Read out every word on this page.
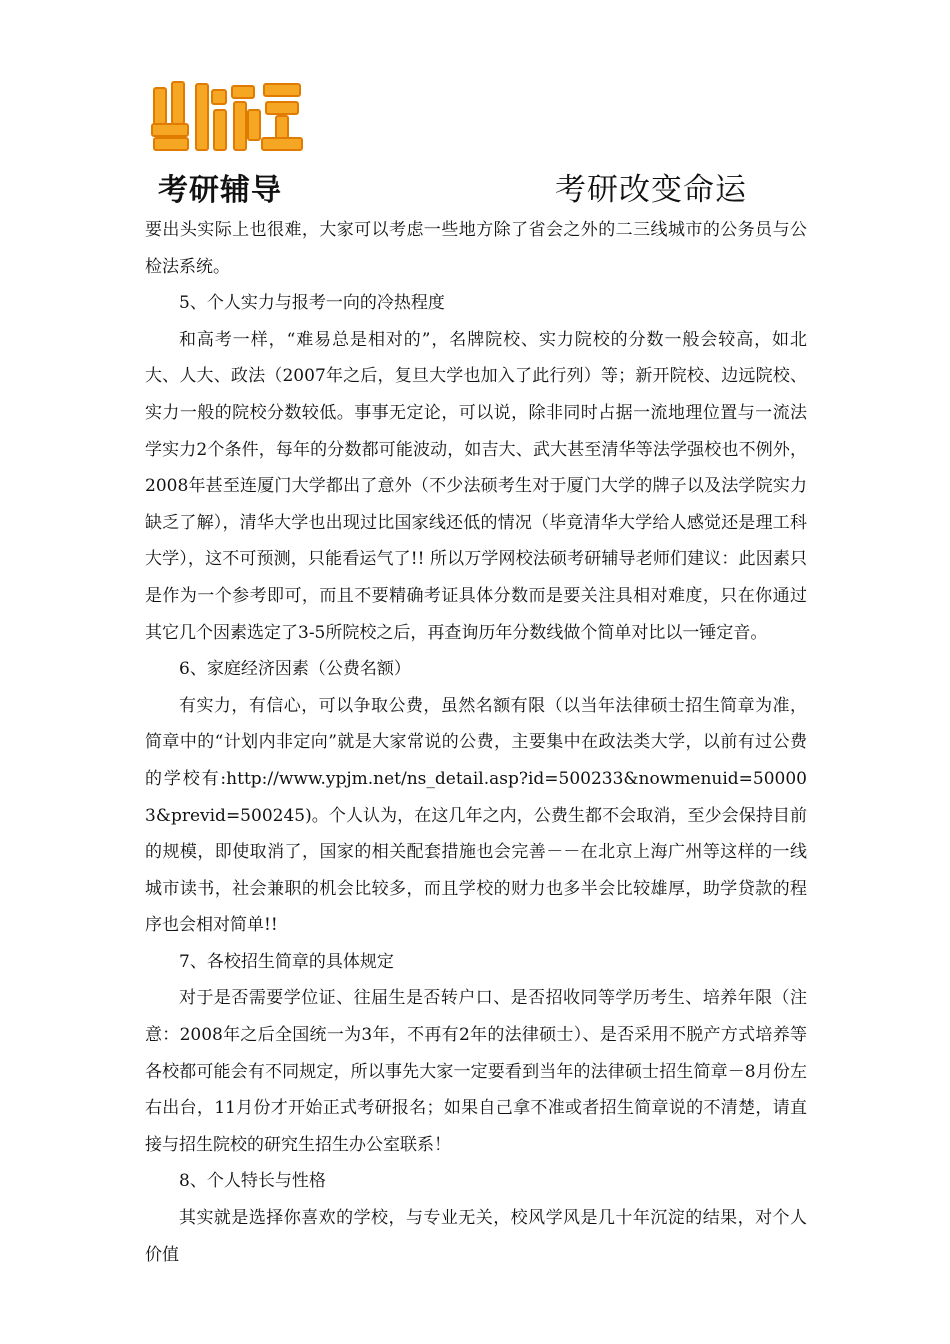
考研辅导	考研改变命运

要出头实际上也很难，大家可以考虑一些地方除了省会之外的二三线城市的公务员与公检法系统。

5、个人实力与报考一向的冷热程度

和高考一样，“难易总是相对的”，名牌院校、实力院校的分数一般会较高，如北大、人大、政法（2007年之后，复旦大学也加入了此行列）等；新开院校、边远院校、实力一般的院校分数较低。事事无定论，可以说，除非同时占据一流地理位置与一流法学实力2个条件，每年的分数都可能波动，如吉大、武大甚至清华等法学强校也不例外，2008年甚至连厦门大学都出了意外（不少法硕考生对于厦门大学的牌子以及法学院实力缺乏了解），清华大学也出现过比国家线还低的情况（毕竟清华大学给人感觉还是理工科大学），这不可预测，只能看运气了!! 所以万学网校法硕考研辅导老师们建议：此因素只是作为一个参考即可，而且不要精确考证具体分数而是要关注具相对难度，只在你通过其它几个因素选定了3-5所院校之后，再查询历年分数线做个简单对比以一锤定音。

6、家庭经济因素（公费名额）

有实力，有信心，可以争取公费，虽然名额有限（以当年法律硕士招生简章为准，简章中的“计划内非定向”就是大家常说的公费，主要集中在政法类大学，以前有过公费的学校有:http://www.ypjm.net/ns_detail.asp?id=500233&nowmenuid=500003&previd=500245)。个人认为，在这几年之内，公费生都不会取消，至少会保持目前的规模，即使取消了，国家的相关配套措施也会完善－－在北京上海广州等这样的一线城市读书，社会兼职的机会比较多，而且学校的财力也多半会比较雄厚，助学贷款的程序也会相对简单!!

7、各校招生简章的具体规定

对于是否需要学位证、往届生是否转户口、是否招收同等学历考生、培养年限（注意：2008年之后全国统一为3年，不再有2年的法律硕士）、是否采用不脱产方式培养等各校都可能会有不同规定，所以事先大家一定要看到当年的法律硕士招生简章－8月份左右出台，11月份才开始正式考研报名；如果自己拿不准或者招生简章说的不清楚，请直接与招生院校的研究生招生办公室联系！

8、个人特长与性格

其实就是选择你喜欢的学校，与专业无关，校风学风是几十年沉淀的结果，对个人价值
